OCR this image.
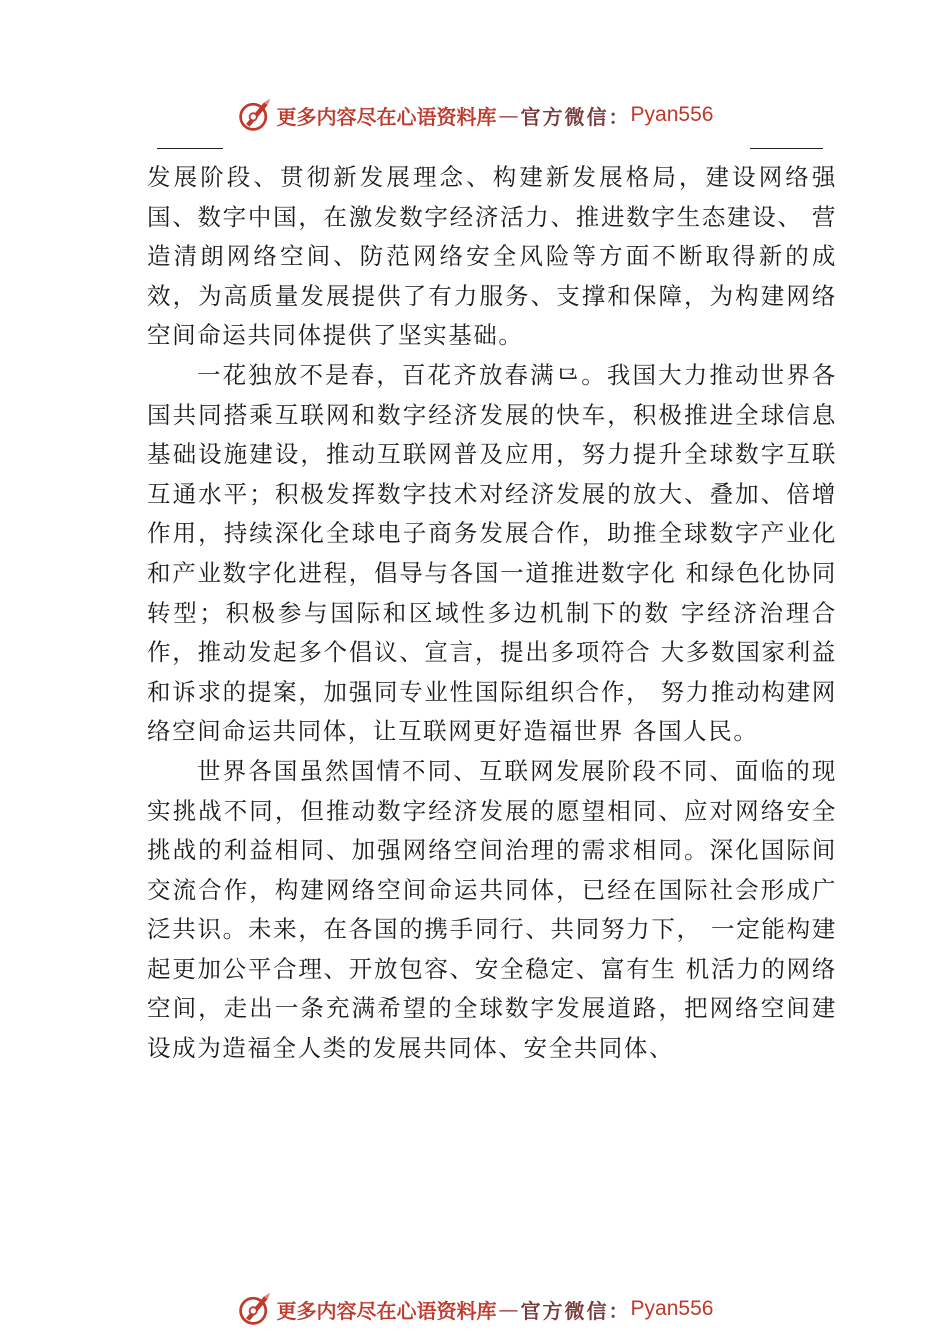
更多内容尽在心语资料库 — 官方微信： Pyan556

发展阶段、贯彻新发展理念、构建新发展格局，建设网络强国、数字中国，在激发数字经济活力、推进数字生态建设、 营造清朗网络空间、防范网络安全风险等方面不断取得新的成效，为高质量发展提供了有力服务、支撑和保障，为构建网络空间命运共同体提供了坚实基础。

一花独放不是春，百花齐放春满⺋。我国大力推动世界各国共同搭乘互联网和数字经济发展的快车，积极推进全球信息基础设施建设，推动互联网普及应用，努力提升全球数字互联互通水平；积极发挥数字技术对经济发展的放大、叠加、倍增作用，持续深化全球电子商务发展合作，助推全球数字产业化和产业数字化进程，倡导与各国一道推进数字化 和绿色化协同转型；积极参与国际和区域性多边机制下的数 字经济治理合作，推动发起多个倡议、宣言，提出多项符合 大多数国家利益和诉求的提案，加强同专业性国际组织合作， 努力推动构建网络空间命运共同体，让互联网更好造福世界 各国人民。

世界各国虽然国情不同、互联网发展阶段不同、面临的现实挑战不同，但推动数字经济发展的愿望相同、应对网络安全挑战的利益相同、加强网络空间治理的需求相同。深化国际间交流合作，构建网络空间命运共同体，已经在国际社会形成广泛共识。未来，在各国的携手同行、共同努力下， 一定能构建起更加公平合理、开放包容、安全稳定、富有生 机活力的网络空间，走出一条充满希望的全球数字发展道路，把网络空间建设成为造福全人类的发展共同体、安全共同体、

更多内容尽在心语资料库 — 官方微信： Pyan556
